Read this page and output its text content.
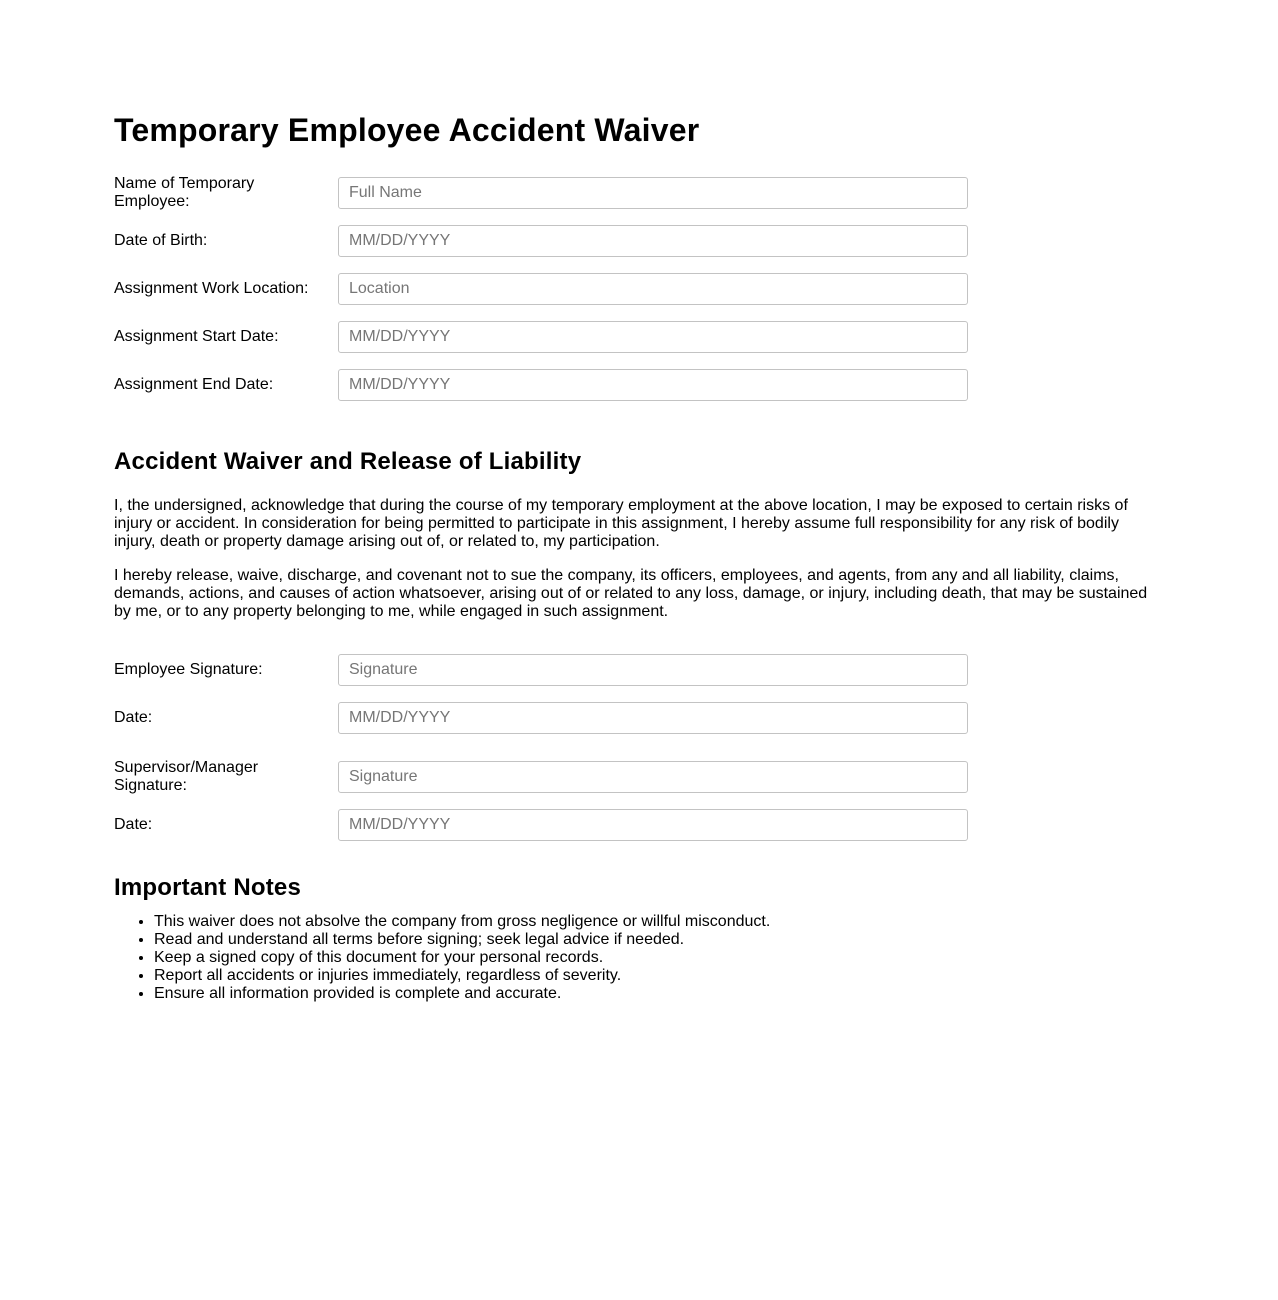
Temporary Employee Accident Waiver
Name of Temporary Employee:
Full Name
Date of Birth:
MM/DD/YYYY
Assignment Work Location:
Location
Assignment Start Date:
MM/DD/YYYY
Assignment End Date:
MM/DD/YYYY
Accident Waiver and Release of Liability

I, the undersigned, acknowledge that during the course of my temporary employment at the above location, I may be exposed to certain risks of injury or accident. In consideration for being permitted to participate in this assignment, I hereby assume full responsibility for any risk of bodily injury, death or property damage arising out of, or related to, my participation.

I hereby release, waive, discharge, and covenant not to sue the company, its officers, employees, and agents, from any and all liability, claims, demands, actions, and causes of action whatsoever, arising out of or related to any loss, damage, or injury, including death, that may be sustained by me, or to any property belonging to me, while engaged in such assignment.

Employee Signature:
Signature
Date:
MM/DD/YYYY
Supervisor/Manager Signature:
Signature
Date:
MM/DD/YYYY
Important Notes
• This waiver does not absolve the company from gross negligence or willful misconduct.
• Read and understand all terms before signing; seek legal advice if needed.
• Keep a signed copy of this document for your personal records.
• Report all accidents or injuries immediately, regardless of severity.
• Ensure all information provided is complete and accurate.
